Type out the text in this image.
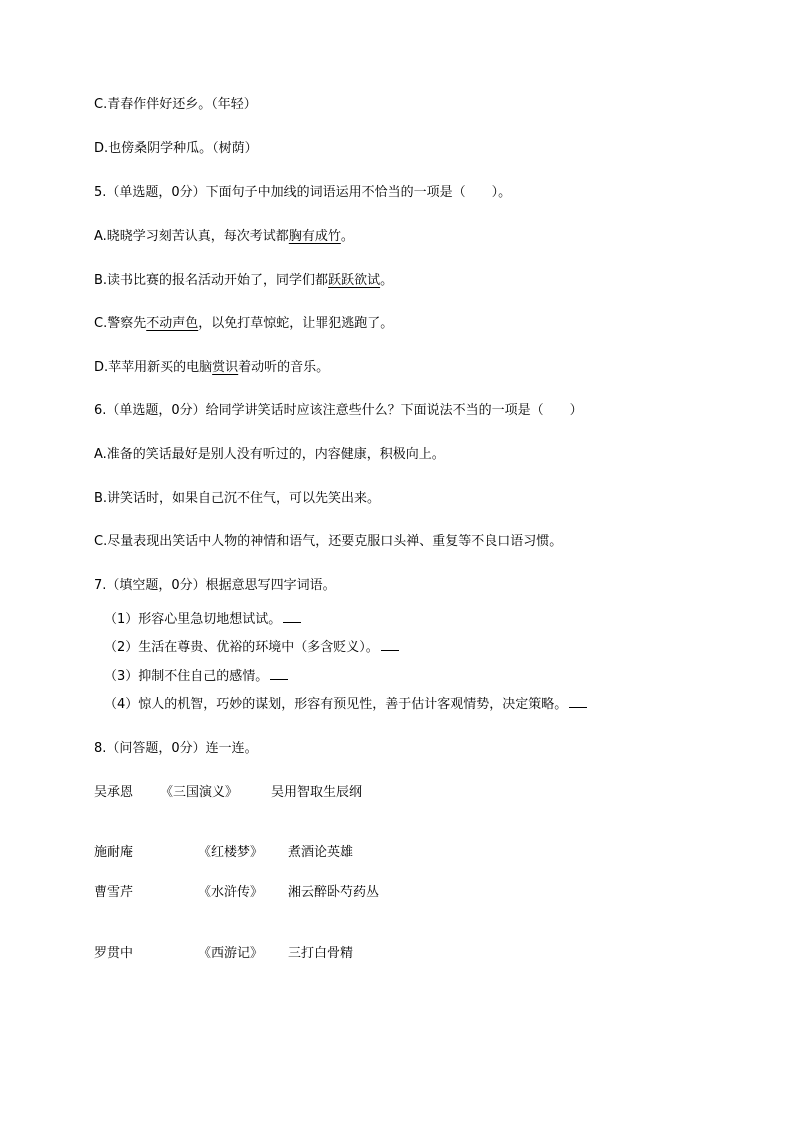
C.青春作伴好还乡。（年轻）
D.也傍桑阴学种瓜。（树荫）
5.（单选题，0分）下面句子中加线的词语运用不恰当的一项是（　　）。
A.晓晓学习刻苦认真，每次考试都胸有成竹。
B.读书比赛的报名活动开始了，同学们都跃跃欲试。
C.警察先不动声色，以免打草惊蛇，让罪犯逃跑了。
D.苹苹用新买的电脑赏识着动听的音乐。
6.（单选题，0分）给同学讲笑话时应该注意些什么？下面说法不当的一项是（　　）
A.准备的笑话最好是别人没有听过的，内容健康，积极向上。
B.讲笑话时，如果自己沉不住气，可以先笑出来。
C.尽量表现出笑话中人物的神情和语气，还要克服口头禅、重复等不良口语习惯。
7.（填空题，0分）根据意思写四字词语。
（1）形容心里急切地想试试。
（2）生活在尊贵、优裕的环境中（多含贬义）。
（3）抑制不住自己的感情。
（4）惊人的机智，巧妙的谋划，形容有预见性，善于估计客观情势，决定策略。
8.（问答题，0分）连一连。
吴承恩 《三国演义》	吴用智取生辰纲
施耐庵	《红楼梦》 煮酒论英雄
曹雪芹	《水浒传》 湘云醉卧芍药丛
罗贯中	《西游记》 三打白骨精
